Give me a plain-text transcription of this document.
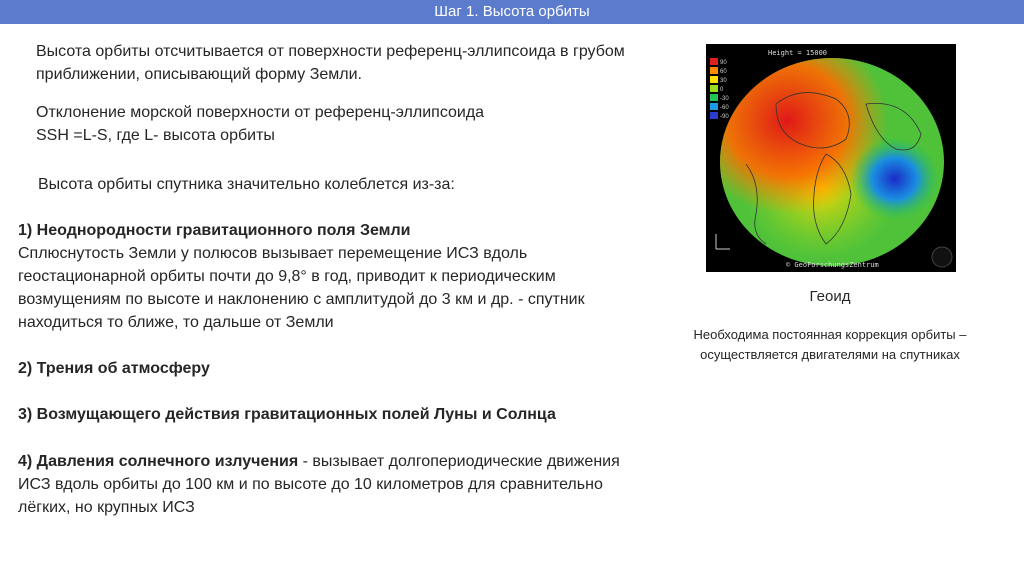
Шаг 1. Высота орбиты

Высота орбиты отсчитывается от поверхности референц-эллипсоида в грубом приближении, описывающий форму Земли.

Отклонение морской поверхности от референц-эллипсоида

SSH =L-S, где L- высота орбиты

Высота орбиты спутника значительно колеблется из-за:

1) Неоднородности гравитационного поля Земли

Сплюснутость Земли у полюсов вызывает перемещение ИСЗ вдоль геостационарной орбиты почти до 9,8° в год, приводит к периодическим возмущениям по высоте и наклонению с амплитудой до 3 км и др. - спутник находиться то ближе, то дальше от Земли

2) Трения об атмосферу

3) Возмущающего действия гравитационных полей Луны и Солнца

4) Давления солнечного излучения - вызывает долгопериодические движения ИСЗ вдоль орбиты до 100 км и по высоте до 10 километров для сравнительно лёгких, но крупных ИСЗ

Height = 15000
© GeoForschungsZentrum
90
60
30
0
-30
-60
-90
Геоид
Необходима постоянная коррекция орбиты – осуществляется двигателями на спутниках
